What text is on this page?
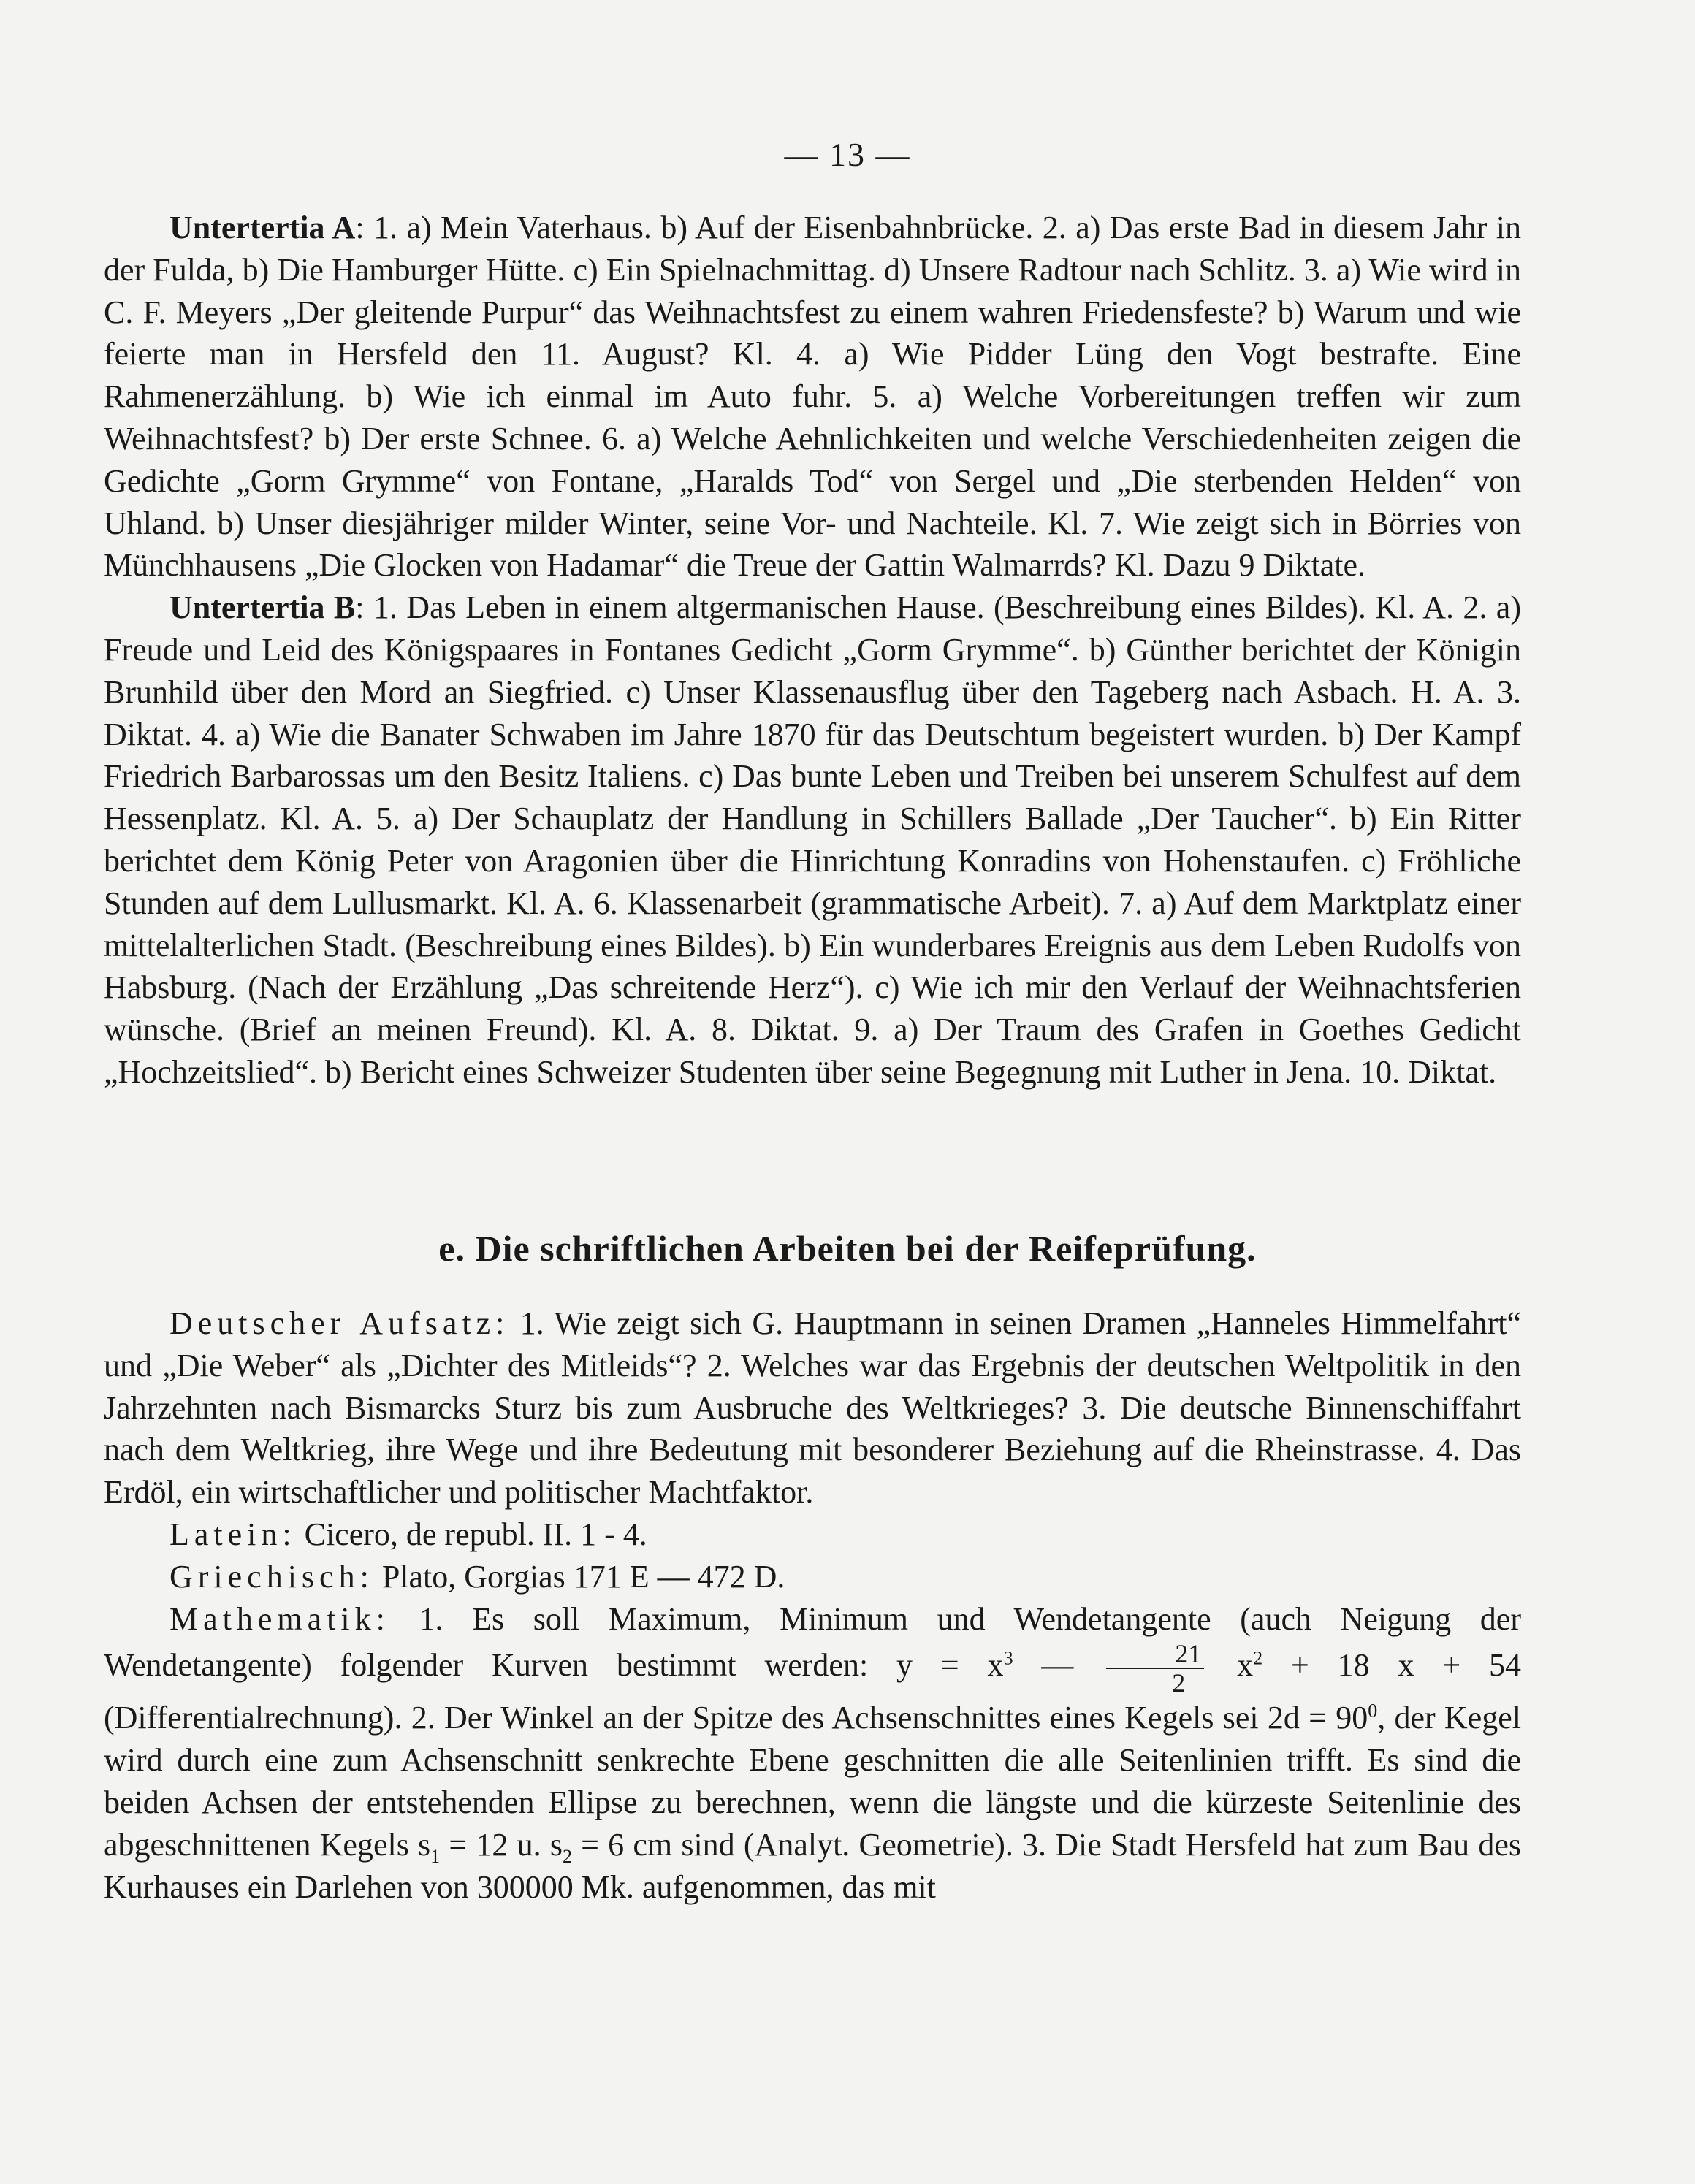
— 13 —

Untertertia A: 1. a) Mein Vaterhaus. b) Auf der Eisenbahnbrücke. 2. a) Das erste Bad in diesem Jahr in der Fulda, b) Die Hamburger Hütte. c) Ein Spielnachmittag. d) Unsere Radtour nach Schlitz. 3. a) Wie wird in C. F. Meyers „Der gleitende Purpur“ das Weihnachtsfest zu einem wahren Friedensfeste? b) Warum und wie feierte man in Hersfeld den 11. August? Kl. 4. a) Wie Pidder Lüng den Vogt bestrafte. Eine Rahmenerzählung. b) Wie ich einmal im Auto fuhr. 5. a) Welche Vorbereitungen treffen wir zum Weihnachtsfest? b) Der erste Schnee. 6. a) Welche Aehnlichkeiten und welche Verschiedenheiten zeigen die Gedichte „Gorm Grymme“ von Fontane, „Haralds Tod“ von Sergel und „Die sterbenden Helden“ von Uhland. b) Unser diesjähriger milder Winter, seine Vor- und Nachteile. Kl. 7. Wie zeigt sich in Börries von Münchhausens „Die Glocken von Hadamar“ die Treue der Gattin Walmarrds? Kl. Dazu 9 Diktate.

Untertertia B: 1. Das Leben in einem altgermanischen Hause. (Beschreibung eines Bildes). Kl. A. 2. a) Freude und Leid des Königspaares in Fontanes Gedicht „Gorm Grymme“. b) Günther berichtet der Königin Brunhild über den Mord an Siegfried. c) Unser Klassenausflug über den Tageberg nach Asbach. H. A. 3. Diktat. 4. a) Wie die Banater Schwaben im Jahre 1870 für das Deutschtum begeistert wurden. b) Der Kampf Friedrich Barbarossas um den Besitz Italiens. c) Das bunte Leben und Treiben bei unserem Schulfest auf dem Hessenplatz. Kl. A. 5. a) Der Schauplatz der Handlung in Schillers Ballade „Der Taucher“. b) Ein Ritter berichtet dem König Peter von Aragonien über die Hinrichtung Konradins von Hohenstaufen. c) Fröhliche Stunden auf dem Lullusmarkt. Kl. A. 6. Klassenarbeit (grammatische Arbeit). 7. a) Auf dem Marktplatz einer mittelalterlichen Stadt. (Beschreibung eines Bildes). b) Ein wunderbares Ereignis aus dem Leben Rudolfs von Habsburg. (Nach der Erzählung „Das schreitende Herz“). c) Wie ich mir den Verlauf der Weihnachtsferien wünsche. (Brief an meinen Freund). Kl. A. 8. Diktat. 9. a) Der Traum des Grafen in Goethes Gedicht „Hochzeitslied“. b) Bericht eines Schweizer Studenten über seine Begegnung mit Luther in Jena. 10. Diktat.

e. Die schriftlichen Arbeiten bei der Reifeprüfung.

Deutscher Aufsatz: 1. Wie zeigt sich G. Hauptmann in seinen Dramen „Hanneles Himmelfahrt“ und „Die Weber“ als „Dichter des Mitleids“? 2. Welches war das Ergebnis der deutschen Weltpolitik in den Jahrzehnten nach Bismarcks Sturz bis zum Ausbruche des Weltkrieges? 3. Die deutsche Binnenschiffahrt nach dem Weltkrieg, ihre Wege und ihre Bedeutung mit besonderer Beziehung auf die Rheinstrasse. 4. Das Erdöl, ein wirtschaftlicher und politischer Machtfaktor.

Latein: Cicero, de republ. II. 1 - 4.

Griechisch: Plato, Gorgias 171 E — 472 D.

Mathematik: 1. Es soll Maximum, Minimum und Wendetangente (auch Neigung der Wendetangente) folgender Kurven bestimmt werden: $y = x^3$ — $\frac{21}{2} x^2 + 18$ x + 54 (Differentialrechnung). 2. Der Winkel an der Spitze des Achsenschnittes eines Kegels sei $2d = 90^0$, der Kegel wird durch eine zum Achsenschnitt senkrechte Ebene geschnitten die alle Seitenlinien trifft. Es sind die beiden Achsen der entstehenden Ellipse zu berechnen, wenn die längste und die kürzeste Seitenlinie des abgeschnittenen Kegels $s_1 = 12$ u. $s_2 = 6$ cm sind (Analyt. Geometrie). 3. Die Stadt Hersfeld hat zum Bau des Kurhauses ein Darlehen von 300000 Mk. aufgenommen, das mit
